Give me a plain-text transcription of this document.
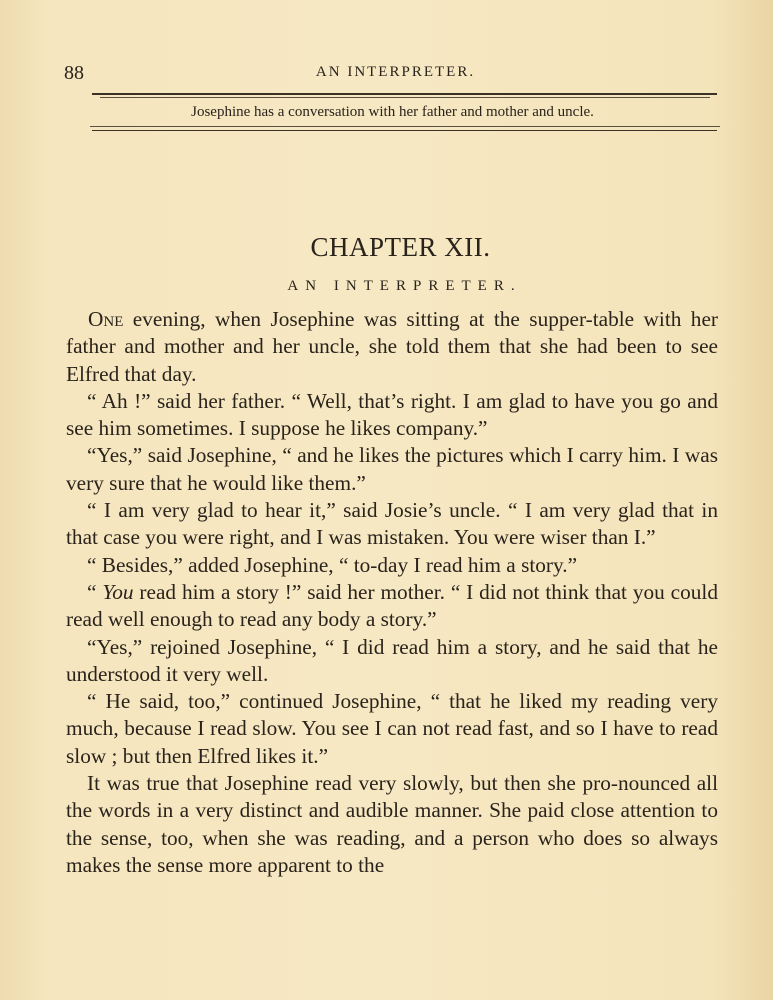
88	AN INTERPRETER.
Josephine has a conversation with her father and mother and uncle.
CHAPTER XII.
AN INTERPRETER.

One evening, when Josephine was sitting at the supper-table with her father and mother and her uncle, she told them that she had been to see Elfred that day.

“ Ah !” said her father. “ Well, that’s right. I am glad to have you go and see him sometimes. I suppose he likes company.”

“Yes,” said Josephine, “ and he likes the pictures which I carry him. I was very sure that he would like them.”

“ I am very glad to hear it,” said Josie’s uncle. “ I am very glad that in that case you were right, and I was mistaken. You were wiser than I.”

“ Besides,” added Josephine, “ to-day I read him a story.”

“ You read him a story !” said her mother. “ I did not think that you could read well enough to read any body a story.”

“Yes,” rejoined Josephine, “ I did read him a story, and he said that he understood it very well.

“ He said, too,” continued Josephine, “ that he liked my reading very much, because I read slow. You see I can not read fast, and so I have to read slow ; but then Elfred likes it.”

It was true that Josephine read very slowly, but then she pro-nounced all the words in a very distinct and audible manner. She paid close attention to the sense, too, when she was reading, and a person who does so always makes the sense more apparent to the
